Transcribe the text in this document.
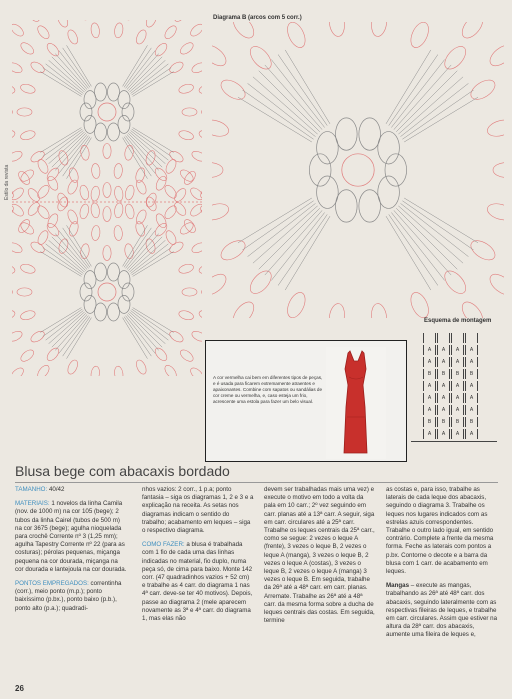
Diagrama B (arcos com 5 corr.)
Estilo da revista
A cor vermelha cai bem em diferentes tipos de peças, e é usada para ficarem extremamente atraentes e apaixonantes. Combine com sapatos ou sandálias de cor creme ou vermelha, e, caso esteja um frio, acrescente uma estola para fazer um belo visual.
Esquema de montagem
A	A	A	A
A	A	A	A
B	B	B	B
A	A	A	A
A	A	A	A
A	A	A	A
B	B	B	B
A	A	A	A
Blusa bege com abacaxis bordado

TAMANHO: 40/42

MATERIAIS: 1 novelos da linha Camila (nov. de 1000 m) na cor 105 (bege); 2 tubos da linha Cairel (tubos de 500 m) na cor 3675 (bege); agulha nioquelada para crochê Corrente nº 3 (1,25 mm); agulha Tapestry Corrente nº 22 (para as costuras); pérolas pequenas, miçanga pequena na cor dourada, miçanga na cor dourada e lantejoula na cor dourada.

PONTOS EMPREGADOS: correntinha (corr.), meio ponto (m.p.); ponto baixíssimo (p.bx.), ponto baixo (p.b.), ponto alto (p.a.); quadradi-

nhos vazios: 2 corr., 1 p.a; ponto fantasia – siga os diagramas 1, 2 e 3 e a explicação na receita. As setas nos diagramas indicam o sentido do trabalho; acabamento em leques – siga o respectivo diagrama.

COMO FAZER: a blusa é trabalhada com 1 fio de cada uma das linhas indicadas no material, fio duplo, numa peça só, de cima para baixo. Monte 142 corr. (47 quadradinhos vazios + 52 cm) e trabalhe as 4 carr. do diagrama 1 nas 4ª carr. deve-se ter 40 motivos). Depois, passe ao diagrama 2 (mele aparecem novamente as 3ª e 4ª carr. do diagrama 1, mas elas não

devem ser trabalhadas mais uma vez) e execute o motivo em todo a volta da pala em 10 carr.; 2º vez seguindo em carr. planas até a 13ª carr. A seguir, siga em carr. circulares até a 25ª carr. Trabalhe os leques centrais da 25ª carr., como se segue: 2 vezes o leque A (frente), 3 vezes o leque B, 2 vezes o leque A (manga), 3 vezes o leque B, 2 vezes o leque A (costas), 3 vezes o leque B, 2 vezes o leque A (manga) 3 vezes o leque B. Em seguida, trabalhe da 26ª até a 48ª carr. em carr. planas. Arremate. Trabalhe as 26ª até a 48ª carr. da mesma forma sobre a ducha de leques centrais das costas. Em seguida, termine

as costas e, para isso, trabalhe as laterais de cada leque dos abacaxis, seguindo o diagrama 3. Trabalhe os leques nos lugares indicados com as estrelas azuis correspondentes. Trabalhe o outro lado igual, em sentido contrário. Complete a frente da mesma forma. Feche as laterais com pontos a p.bx. Contorne o decote e a barra da blusa com 1 carr. de acabamento em leques.

Mangas – execute as mangas, trabalhando as 26ª até 48ª carr. dos abacaxis, seguindo lateralmente com as respectivas fileiras de leques, e trabalhe em carr. circulares. Assim que estiver na altura da 28ª carr. dos abacaxis, aumente uma fileira de leques e,

26
